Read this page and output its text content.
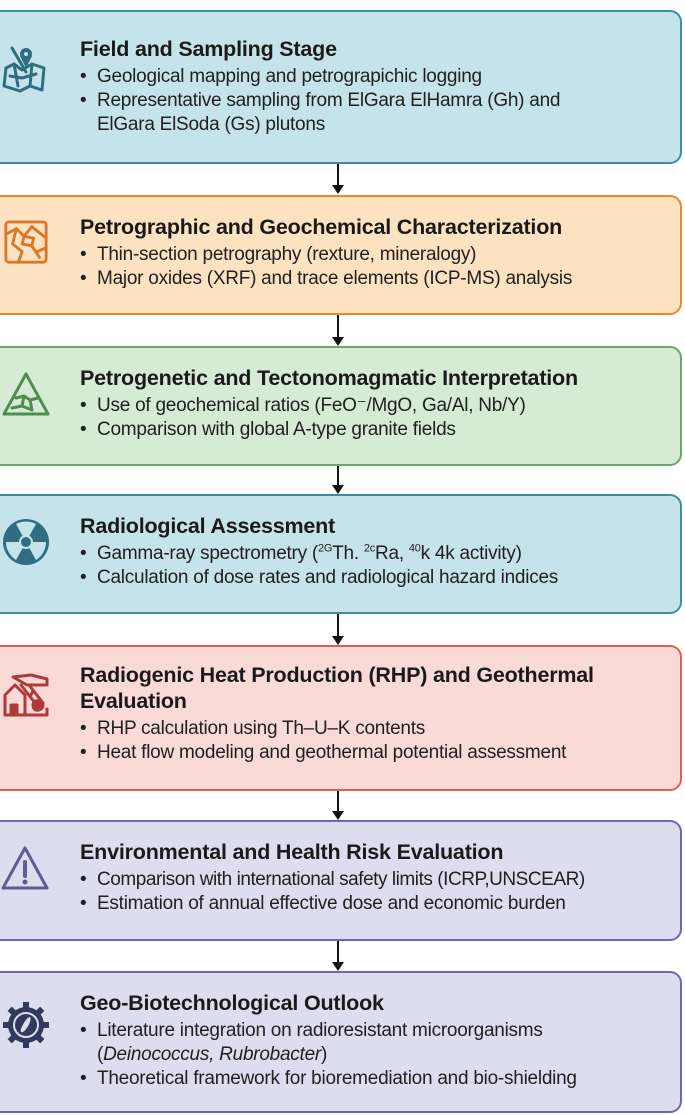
Field and Sampling Stage
• Geological mapping and petrograpichic logging
• Representative sampling from ElGara ElHamra (Gh) and ElGara ElSoda (Gs) plutons
Petrographic and Geochemical Characterization
• Thin-section petrography (rexture, mineralogy)
• Major oxides (XRF) and trace elements (ICP-MS) analysis
Petrogenetic and Tectonomagmatic Interpretation
• Use of geochemical ratios (FeO⁻/MgO, Ga/Al, Nb/Y)
• Comparison with global A-type granite fields
Radiological Assessment
• Gamma-ray spectrometry ($^{2G}$Th. $^{2c}$Ra, $^{40}$k 4k activity)
• Calculation of dose rates and radiological hazard indices
Radiogenic Heat Production (RHP) and Geothermal Evaluation
• RHP calculation using Th–U–K contents
• Heat flow modeling and geothermal potential assessment
Environmental and Health Risk Evaluation
• Comparison with international safety limits (ICRP,UNSCEAR)
• Estimation of annual effective dose and economic burden
Geo-Biotechnological Outlook
• Literature integration on radioresistant microorganisms
(Deinococcus, Rubrobacter)
• Theoretical framework for bioremediation and bio-shielding
